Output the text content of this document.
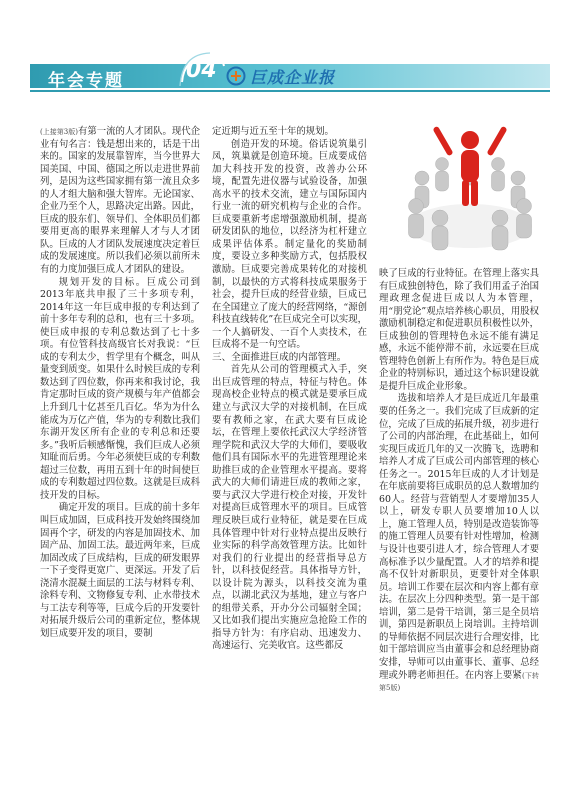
年会专题	04 巨成企业报

(上接第3版)有第一流的人才团队。现代企业有句名言：钱是想出来的，话是干出来的。国家的发展靠智库，当今世界大国美国、中国、德国之所以走进世界前列，是因为这些国家拥有第一流且众多的人才组大脑和强大智库。无论国家、企业乃至个人，思路决定出路。因此，巨成的股东们、领导们、全体职员们都要用更高的眼界来理解人才与人才团队。巨成的人才团队发展速度决定着巨成的发展速度。所以我们必须以前所未有的力度加强巨成人才团队的建设。

规划开发的目标。巨成公司到2013年底共申报了三十多项专利，2014年这一年巨成申报的专利达到了前十多年专利的总和，也有三十多项。使巨成申报的专利总数达到了七十多项。有位管科技高级官长对我说：“巨成的专利太少，哲学里有个概念，叫从量变到质变。如果什么时候巨成的专利数达到了四位数，你再来和我讨论，我肯定那时巨成的资产规模与年产值都会上升到几十亿甚至几百亿。华为为什么能成为万亿产值，华为的专利数比我们东湖开发区所有企业的专利总和还要多。”我听后顿感惭愧，我们巨成人必须知耻而后勇。今年必须使巨成的专利数超过三位数，再用五到十年的时间使巨成的专利数超过四位数。这就是巨成科技开发的目标。

确定开发的项目。巨成的前十多年叫巨成加固，巨成科技开发始终围绕加固再个字，研发的内容是加固技术、加固产品、加固工法。最近两年来，巨成加固改成了巨成结构，巨成的研发眼界一下子变得更宽广、更深远。开发了后浇清水混凝土面层的工法与材料专利、涂料专利、文物修复专利、止水带技术与工法专利等等，巨成今后的开发要针对拓展升级后公司的重新定位，整体规划巨成要开发的项目，要制

定近期与近五至十年的规划。

创造开发的环境。俗话说筑巢引凤，筑巢就是创造环境。巨成要成倍加大科技开发的投资，改善办公环境，配置先进仪器与试验设备，加强高水平的技术交流，建立与国际国内行业一流的研究机构与企业的合作。巨成要重新考虑增强激励机制，提高研发团队的地位，以经济为杠杆建立成果评估体系。制定量化的奖励制度，要设立多种奖励方式，包括股权激励。巨成要完善成果转化的对接机制，以最快的方式将科技成果服务于社会，提升巨成的经营业绩，巨成已在全国建立了庞大的经营网络，“源创科技直线转化”在巨成完全可以实现，一个人搞研发、一百个人卖技术，在巨成将不是一句空话。

三、全面推进巨成的内部管理。

首先从公司的管理模式入手，突出巨成管理的特点，特征与特色。体现高校企业特点的模式就是要承巨成建立与武汉大学的对接机制，在巨成要有教师之家，在武大要有巨成论坛，在管理上要依托武汉大学经济管理学院和武汉大学的大师们，要吸收他们具有国际水平的先进管理理论来助推巨成的企业管理水平提高。要将武大的大师们请进巨成的教师之家，要与武汉大学进行校企对接，开发针对提高巨成管理水平的项目。巨成管理反映巨成行业特征，就是要在巨成具体管理中针对行业特点提出反映行业实际的科学高效管理方法。比如针对我们的行业提出的经营指导总方针，以科技促经营。具体指导方针，以设计院为源头，以科技交流为重点，以湖北武汉为基地，建立与客户的组带关系，开办分公司辐射全国；又比如我们提出实施应急抢险工作的指导方针为：有序启动、迅速发力、高速运行、完美收官。这些都反

映了巨成的行业特征。在管理上落实具有巨成独创特色，除了我们用孟子治国理政理念促进巨成以人为本管理，用“朋党论”观点培养核心职员，用股权激励机制稳定和促进职员积极性以外，巨成独创的管理特色永远不能有满足感，永远不能停滞不前，永远要在巨成管理特色创新上有所作为。特色是巨成企业的特别标识，通过这个标识建设就是提升巨成企业形象。

选拔和培养人才是巨成近几年最重要的任务之一。我们完成了巨成新的定位，完成了巨成的拓展升级，初步进行了公司的内部治理，在此基础上，如何实现巨成近几年的又一次腾飞，选聘和培养人才成了巨成公司内部管理的核心任务之一。2015年巨成的人才计划是在年底前要将巨成职员的总人数增加约60人。经营与营销型人才要增加35人以上，研发专职人员要增加10人以上，施工管理人员，特别是改造装饰等的施工管理人员要有针对性增加，检测与设计也要引进人才，综合管理人才要高标准予以少量配置。人才的培养和提高不仅针对新职员，更要针对全体职员。培训工作要在层次和内容上都有章法。在层次上分四种类型。第一是干部培训，第二是骨干培训，第三是全员培训，第四是新职员上岗培训。主持培训的导师依据不同层次进行合理安排，比如干部培训应当由董事会和总经理协商安排，导师可以由董事长、董事、总经理或外聘老师担任。在内容上要紧(下转第5版)
